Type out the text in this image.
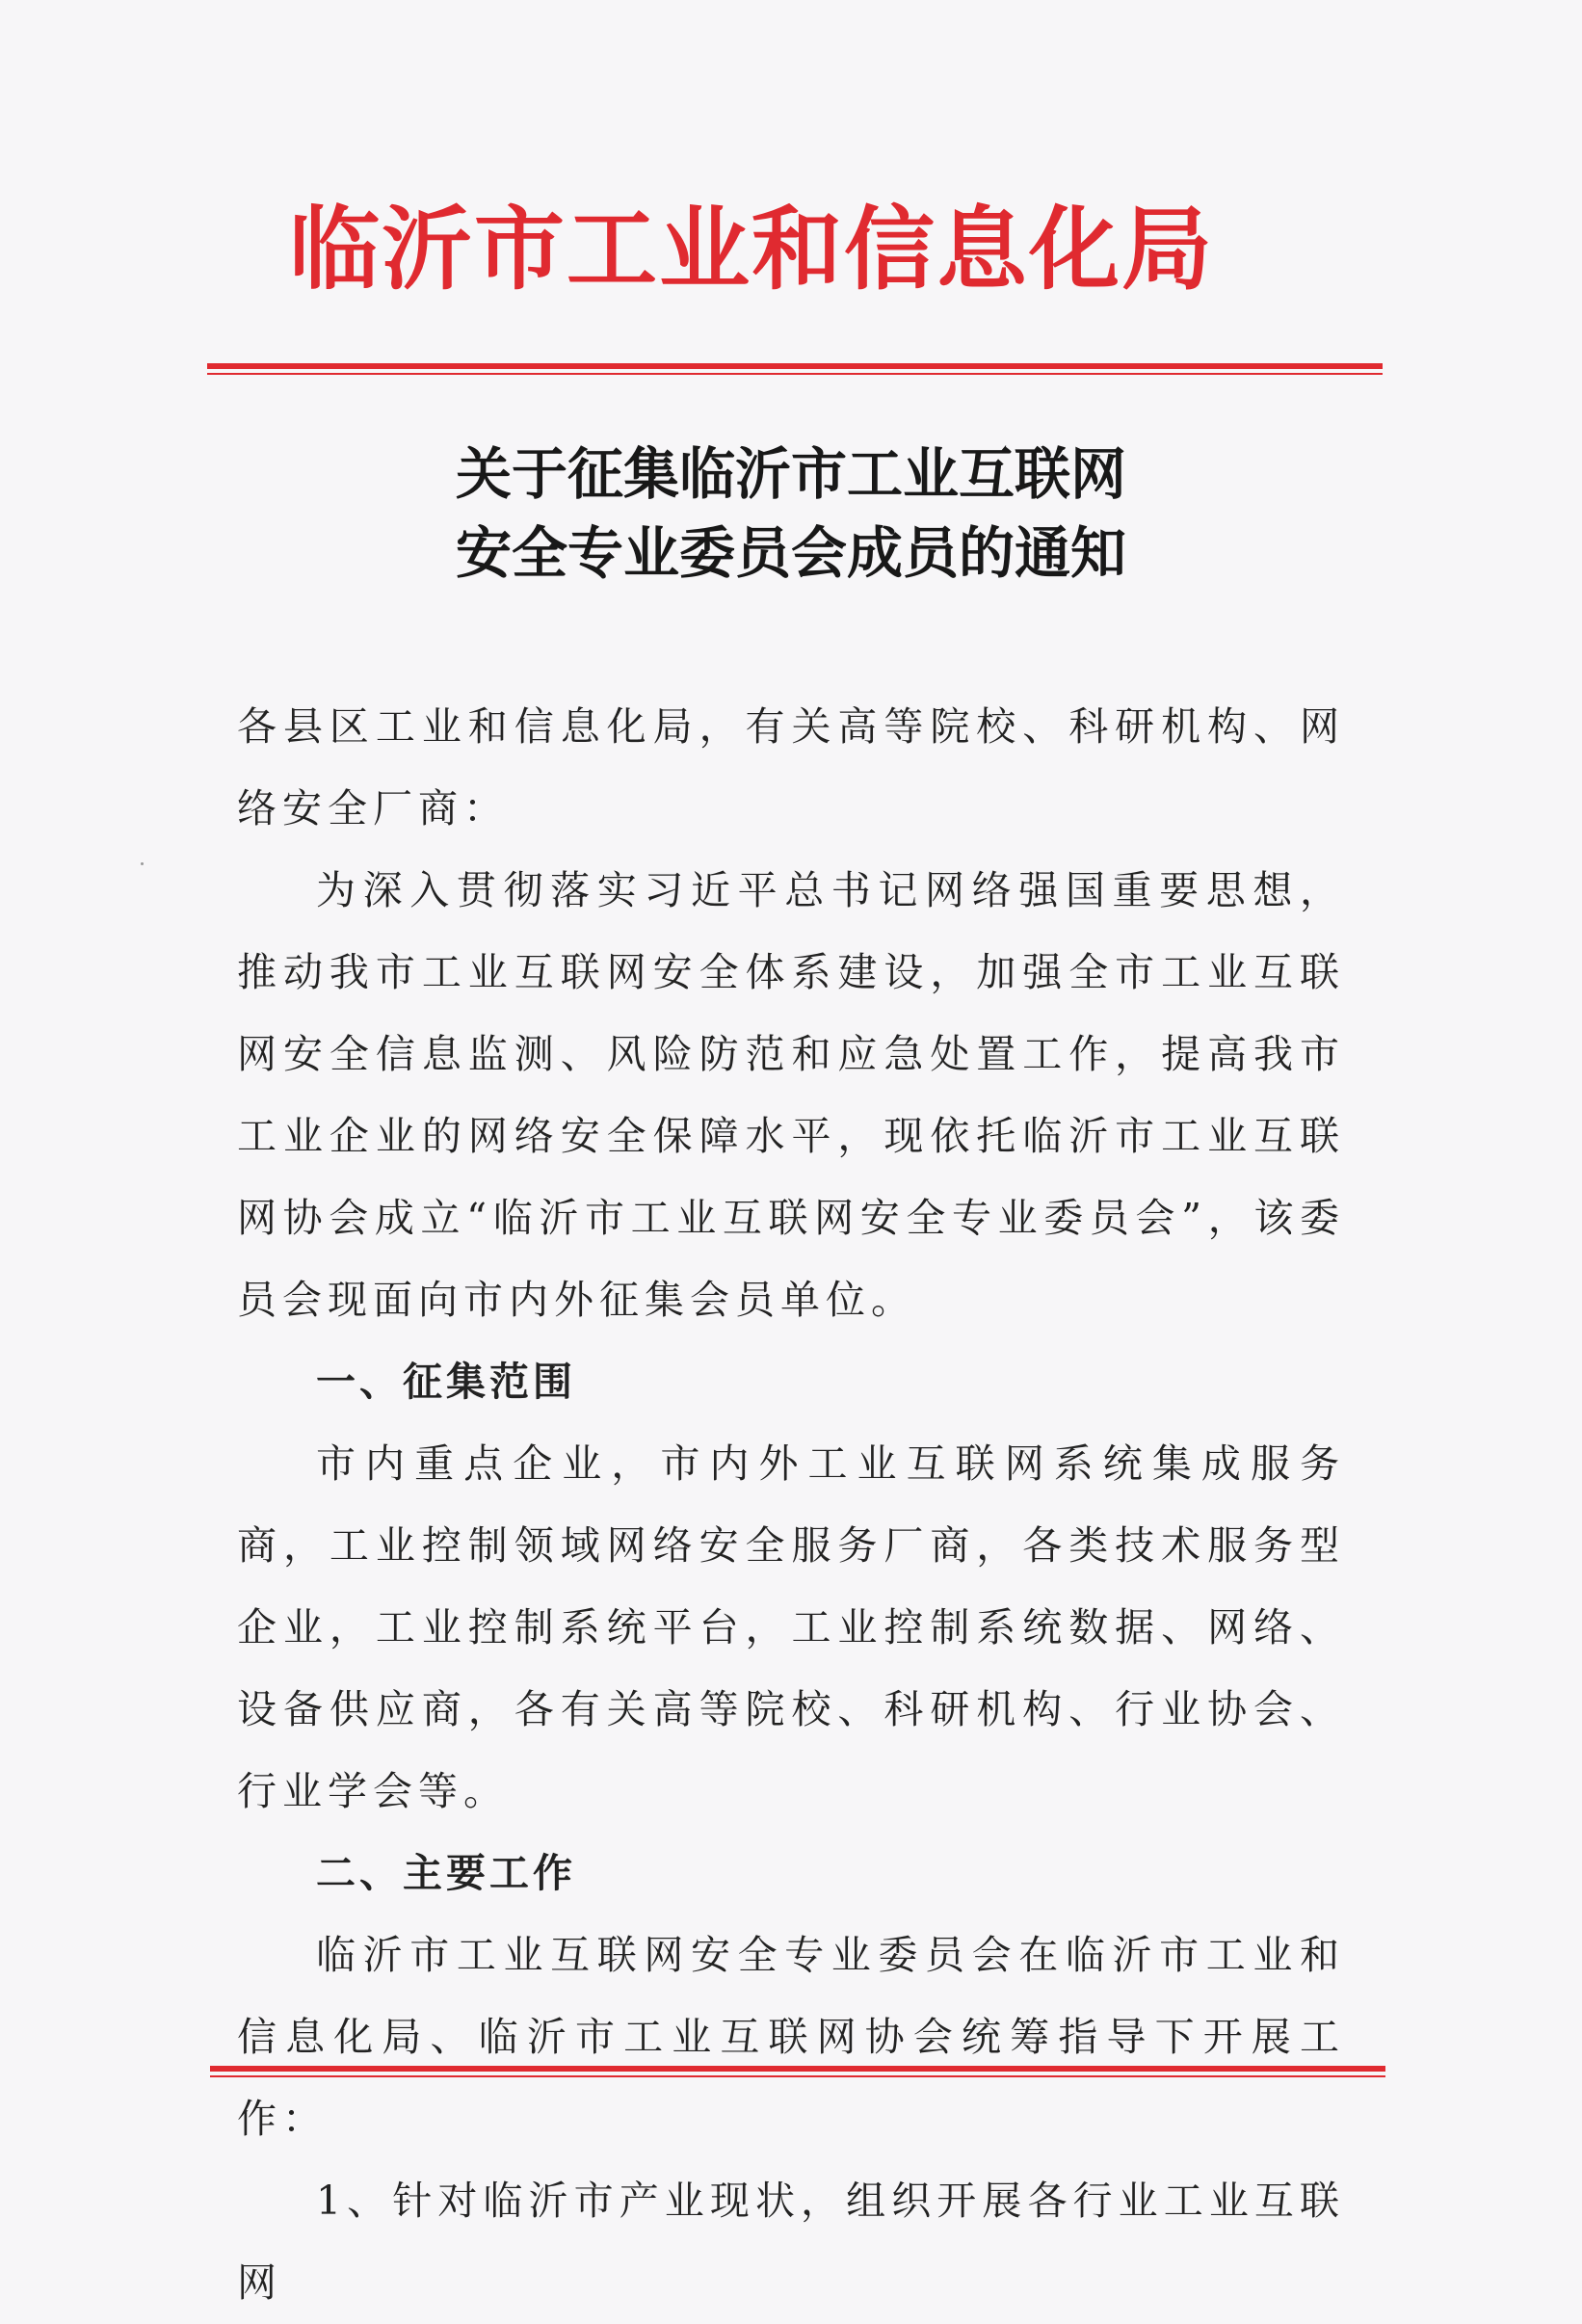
临沂市工业和信息化局
关于征集临沂市工业互联网
安全专业委员会成员的通知

各县区工业和信息化局，有关高等院校、科研机构、网络安全厂商：

为深入贯彻落实习近平总书记网络强国重要思想，推动我市工业互联网安全体系建设，加强全市工业互联网安全信息监测、风险防范和应急处置工作，提高我市工业企业的网络安全保障水平，现依托临沂市工业互联网协会成立“临沂市工业互联网安全专业委员会”，该委员会现面向市内外征集会员单位。

一、征集范围

市内重点企业，市内外工业互联网系统集成服务商，工业控制领域网络安全服务厂商，各类技术服务型企业，工业控制系统平台，工业控制系统数据、网络、设备供应商，各有关高等院校、科研机构、行业协会、行业学会等。

二、主要工作

临沂市工业互联网安全专业委员会在临沂市工业和信息化局、临沂市工业互联网协会统筹指导下开展工作：

1、针对临沂市产业现状，组织开展各行业工业互联网
